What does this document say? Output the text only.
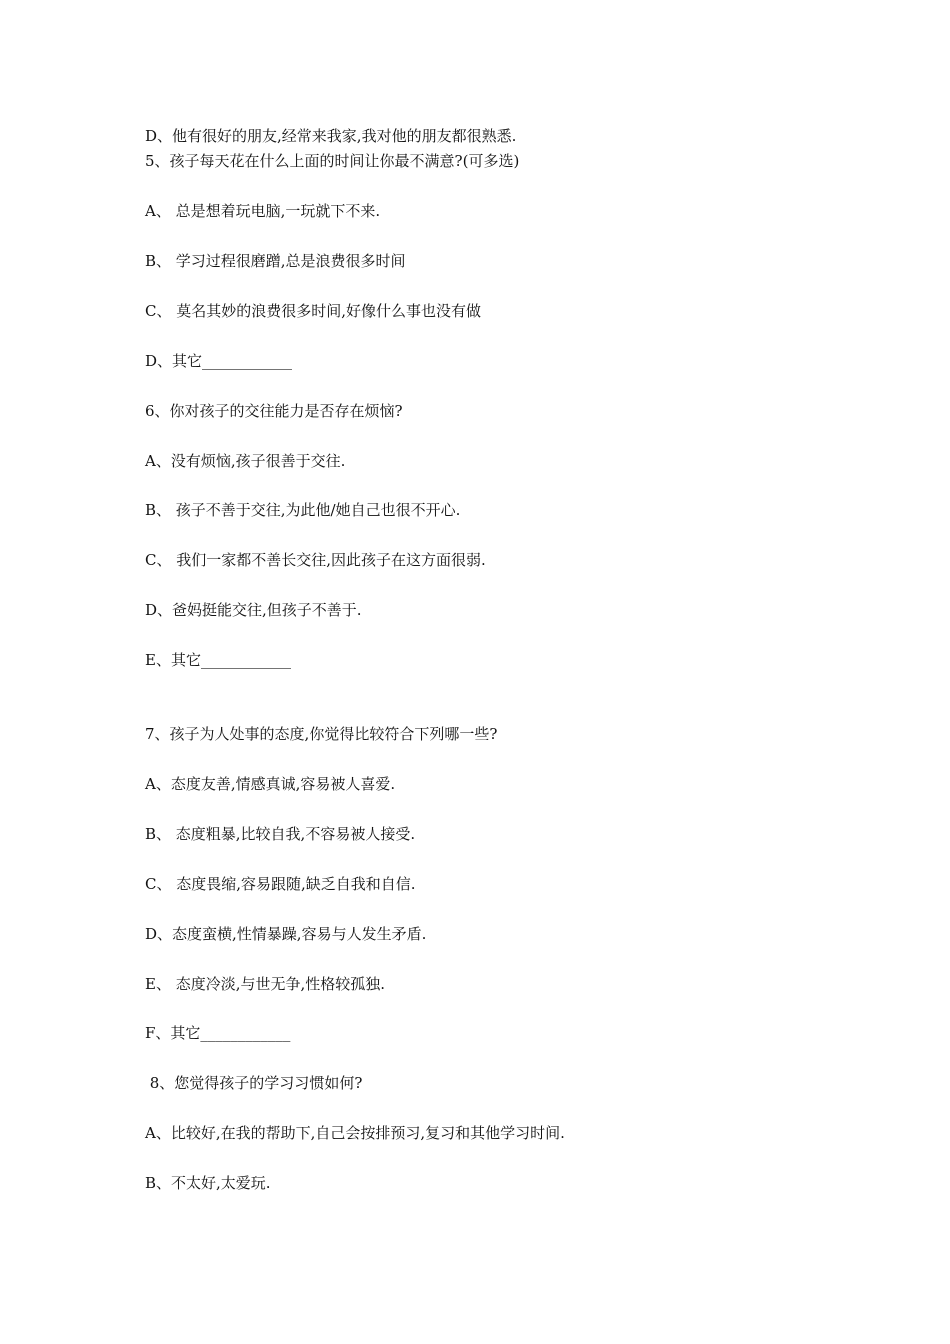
D、他有很好的朋友,经常来我家,我对他的朋友都很熟悉.
5、孩子每天花在什么上面的时间让你最不满意?(可多选)
A、 总是想着玩电脑,一玩就下不来.
B、 学习过程很磨蹭,总是浪费很多时间
C、 莫名其妙的浪费很多时间,好像什么事也没有做
D、其它____________
6、你对孩子的交往能力是否存在烦恼?
A、没有烦恼,孩子很善于交往.
B、 孩子不善于交往,为此他/她自己也很不开心.
C、 我们一家都不善长交往,因此孩子在这方面很弱.
D、爸妈挺能交往,但孩子不善于.
E、其它____________
7、孩子为人处事的态度,你觉得比较符合下列哪一些?
A、态度友善,情感真诚,容易被人喜爱.
B、 态度粗暴,比较自我,不容易被人接受.
C、 态度畏缩,容易跟随,缺乏自我和自信.
D、态度蛮横,性情暴躁,容易与人发生矛盾.
E、 态度冷淡,与世无争,性格较孤独.
F、其它____________
8、您觉得孩子的学习习惯如何?
A、比较好,在我的帮助下,自己会按排预习,复习和其他学习时间.
B、不太好,太爱玩.
